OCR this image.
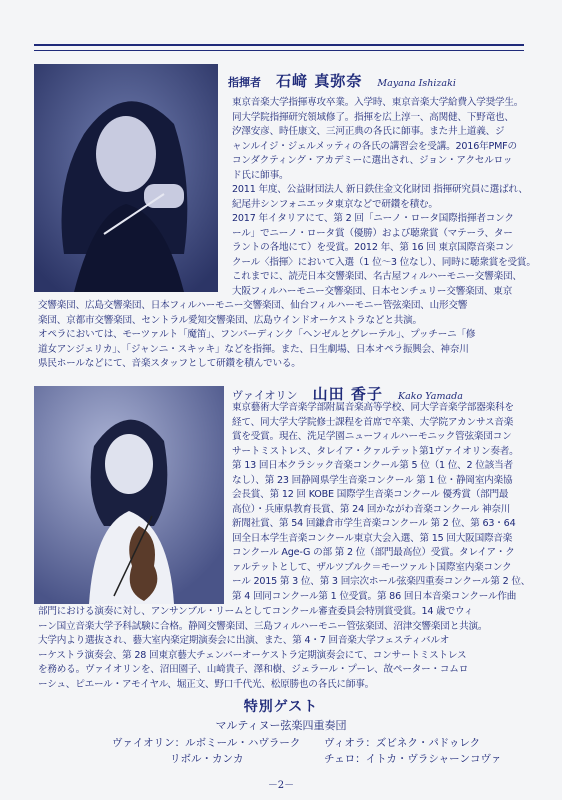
指揮者 石﨑 真弥奈 Mayana Ishizaki
東京音楽大学指揮専攻卒業。入学時、東京音楽大学給費入学奨学生。
同大学院指揮研究領域修了。指揮を広上淳一、高関健、下野竜也、
汐澤安彦、時任康文、三河正典の各氏に師事。また井上道義、ジ
ャンルイジ・ジェルメッティの各氏の講習会を受講。2016年PMFの
コンダクティング・アカデミーに選出され、ジョン・アクセルロッ
ド氏に師事。
2011 年度、公益財団法人 新日鉄住金文化財団 指揮研究員に選ばれ、
紀尾井シンフォニエッタ東京などで研鑽を積む。
2017 年イタリアにて、第 2 回「ニーノ・ロータ国際指揮者コンク
ール」でニーノ・ロータ賞（優勝）および聴衆賞（マテーラ、ター
ラントの各地にて）を受賞。2012 年、第 16 回 東京国際音楽コン
クール〈指揮〉において入選（1 位〜3 位なし）、同時に聴衆賞を受賞。
これまでに、読売日本交響楽団、名古屋フィルハーモニー交響楽団、
大阪フィルハーモニー交響楽団、日本センチュリー交響楽団、東京
交響楽団、広島交響楽団、日本フィルハーモニー交響楽団、仙台フィルハーモニー管弦楽団、山形交響
楽団、京都市交響楽団、セントラル愛知交響楽団、広島ウインドオーケストラなどと共演。
オペラにおいては、モーツァルト「魔笛」、フンパーディンク「ヘンゼルとグレーテル」、プッチーニ「修
道女アンジェリカ」、「ジャンニ・スキッキ」などを指揮。また、日生劇場、日本オペラ振興会、神奈川
県民ホールなどにて、音楽スタッフとして研鑽を積んでいる。
ヴァイオリン 山田 香子 Kako Yamada
東京藝術大学音楽学部附属音楽高等学校、同大学音楽学部器楽科を
経て、同大学大学院修士課程を首席で卒業、大学院アカンサス音楽
賞を受賞。現在、洗足学園ニューフィルハーモニック管弦楽団コン
サートミストレス、タレイア・クァルテット第1ヴァイオリン奏者。
第 13 回日本クラシック音楽コンクール第 5 位（1 位、2 位該当者
なし）、第 23 回静岡県学生音楽コンクール 第 1 位・静岡室内楽協
会長賞、第 12 回 KOBE 国際学生音楽コンクール 優秀賞（部門最
高位）・兵庫県教育長賞、第 24 回かながわ音楽コンクール 神奈川
新聞社賞、第 54 回鎌倉市学生音楽コンクール 第 2 位、第 63・64
回全日本学生音楽コンクール東京大会入選、第 15 回大阪国際音楽
コンクール Age-G の部 第 2 位（部門最高位）受賞。タレイア・ク
ァルテットとして、ザルツブルク＝モーツァルト国際室内楽コンク
ール 2015 第 3 位、第 3 回宗次ホール弦楽四重奏コンクール第 2 位、
第 4 回同コンクール第 1 位受賞。第 86 回日本音楽コンクール作曲
部門における演奏に対し、アンサンブル・リームとしてコンクール審査委員会特別賞受賞。14 歳でウィ
ーン国立音楽大学予科試験に合格。静岡交響楽団、三島フィルハーモニー管弦楽団、沼津交響楽団と共演。
大学内より選抜され、藝大室内楽定期演奏会に出演、また、第 4・7 回音楽大学フェスティバルオ
ーケストラ演奏会、第 28 回東京藝大チェンバーオーケストラ定期演奏会にて、コンサートミストレス
を務める。ヴァイオリンを、沼田園子、山崎貴子、澤和樹、ジェラール・プーレ、故ペーター・コムロ
ーシュ、ピエール・アモイヤル、堀正文、野口千代光、松原勝也の各氏に師事。
特別ゲスト
マルティヌー弦楽四重奏団
ヴァイオリン：ルボミール・ハヴラーク ヴィオラ：ズビネク・パドゥレク
リボル・カンカ	チェロ：イトカ・ヴラシャーンコヴァ
－2－
